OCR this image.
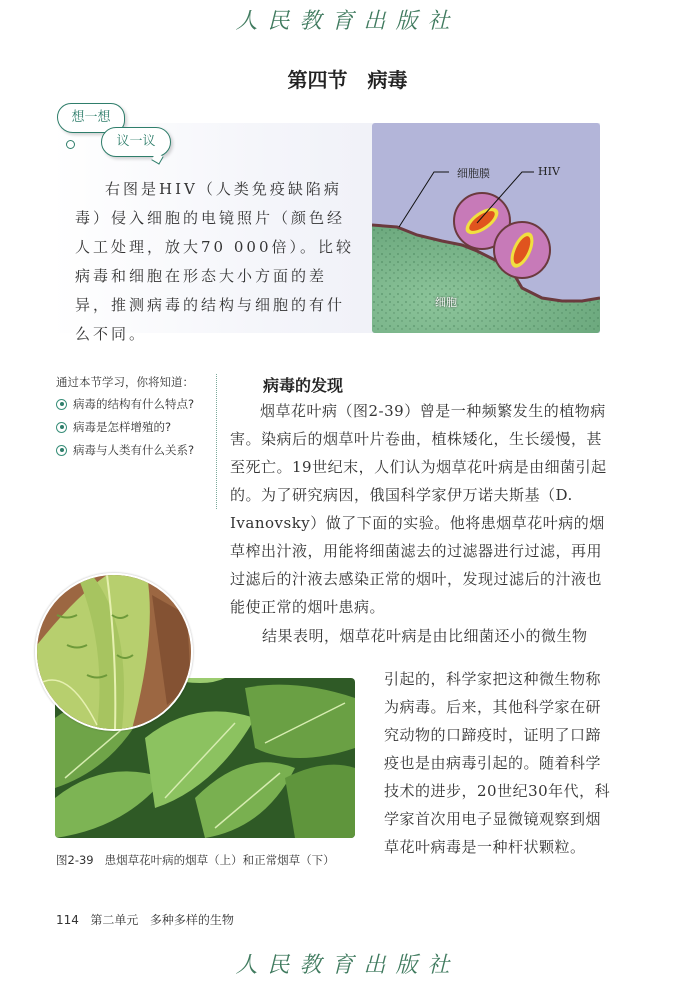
人民教育出版社
第四节　病毒
想一想
议一议

右图是HIV（人类免疫缺陷病毒）侵入细胞的电镜照片（颜色经人工处理，放大70 000倍）。比较病毒和细胞在形态大小方面的差异，推测病毒的结构与细胞的有什么不同。

细胞膜	HIV
细胞

通过本节学习，你将知道：

病毒的结构有什么特点?
病毒是怎样增殖的?
病毒与人类有什么关系?
病毒的发现

烟草花叶病（图2-39）曾是一种频繁发生的植物病害。染病后的烟草叶片卷曲，植株矮化，生长缓慢，甚至死亡。19世纪末，人们认为烟草花叶病是由细菌引起的。为了研究病因，俄国科学家伊万诺夫斯基（D. Ivanovsky）做了下面的实验。他将患烟草花叶病的烟草榨出汁液，用能将细菌滤去的过滤器进行过滤，再用过滤后的汁液去感染正常的烟叶，发现过滤后的汁液也能使正常的烟叶患病。

结果表明，烟草花叶病是由比细菌还小的微生物

引起的，科学家把这种微生物称为病毒。后来，其他科学家在研究动物的口蹄疫时，证明了口蹄疫也是由病毒引起的。随着科学技术的进步，20世纪30年代，科学家首次用电子显微镜观察到烟草花叶病毒是一种杆状颗粒。

图2-39 患烟草花叶病的烟草（上）和正常烟草（下）
114 第二单元 多种多样的生物
人民教育出版社
